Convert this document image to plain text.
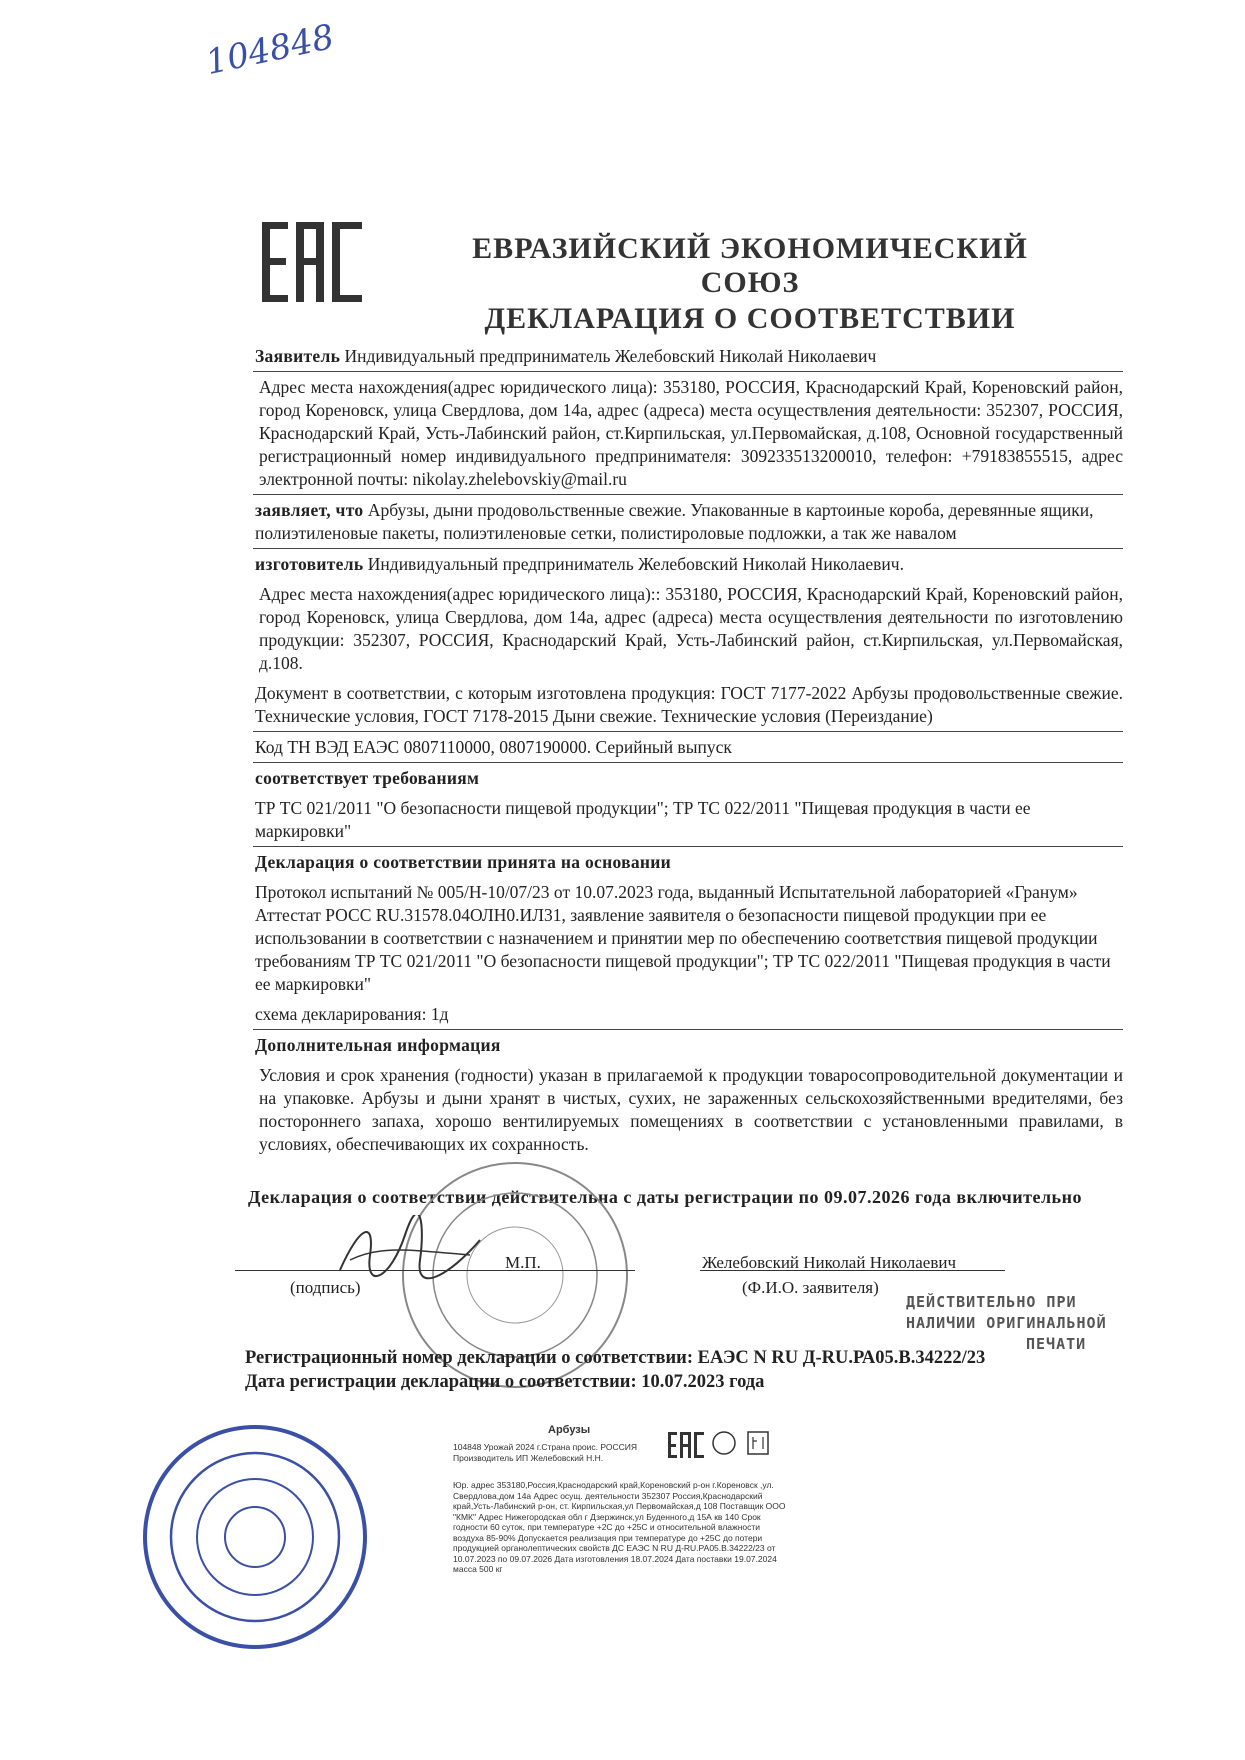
104848
ЕВРАЗИЙСКИЙ ЭКОНОМИЧЕСКИЙ СОЮЗ
ДЕКЛАРАЦИЯ О СООТВЕТСТВИИ
Заявитель Индивидуальный предприниматель Желебовский Николай Николаевич
Адрес места нахождения(адрес юридического лица): 353180, РОССИЯ, Краснодарский Край, Кореновский район, город Кореновск, улица Свердлова, дом 14а, адрес (адреса) места осуществления деятельности: 352307, РОССИЯ, Краснодарский Край, Усть-Лабинский район, ст.Кирпильская, ул.Первомайская, д.108, Основной государственный регистрационный номер индивидуального предпринимателя: 309233513200010, телефон: +79183855515, адрес электронной почты: nikolay.zhelebovskiy@mail.ru
заявляет, что Арбузы, дыни продовольственные свежие. Упакованные в картоиные короба, деревянные ящики, полиэтиленовые пакеты, полиэтиленовые сетки, полистироловые подложки, а так же навалом
изготовитель Индивидуальный предприниматель Желебовский Николай Николаевич.
Адрес места нахождения(адрес юридического лица):: 353180, РОССИЯ, Краснодарский Край, Кореновский район, город Кореновск, улица Свердлова, дом 14а, адрес (адреса) места осуществления деятельности по изготовлению продукции: 352307, РОССИЯ, Краснодарский Край, Усть-Лабинский район, ст.Кирпильская, ул.Первомайская, д.108.
Документ в соответствии, с которым изготовлена продукция: ГОСТ 7177-2022 Арбузы продовольственные свежие. Технические условия, ГОСТ 7178-2015 Дыни свежие. Технические условия (Переиздание)
Код ТН ВЭД ЕАЭС 0807110000, 0807190000. Серийный выпуск
соответствует требованиям
ТР ТС 021/2011 "О безопасности пищевой продукции"; ТР ТС 022/2011 "Пищевая продукция в части ее маркировки"
Декларация о соответствии принята на основании
Протокол испытаний № 005/Н-10/07/23 от 10.07.2023 года, выданный Испытательной лабораторией «Гранум» Аттестат РОСС RU.31578.04ОЛН0.ИЛ31, заявление заявителя о безопасности пищевой продукции при ее использовании в соответствии с назначением и принятии мер по обеспечению соответствия пищевой продукции требованиям ТР ТС 021/2011 "О безопасности пищевой продукции"; ТР ТС 022/2011 "Пищевая продукция в части ее маркировки"
схема декларирования: 1д
Дополнительная информация
Условия и срок хранения (годности) указан в прилагаемой к продукции товаросопроводительной документации и на упаковке. Арбузы и дыни хранят в чистых, сухих, не зараженных сельскохозяйственными вредителями, без постороннего запаха, хорошо вентилируемых помещениях в соответствии с установленными правилами, в условиях, обеспечивающих их сохранность.
Декларация о соответствии действительна с даты регистрации по 09.07.2026 года включительно
М.П.
(подпись)
Желебовский Николай Николаевич
(Ф.И.О. заявителя)
ДЕЙСТВИТЕЛЬНО ПРИ
НАЛИЧИИ ОРИГИНАЛЬНОЙ
ПЕЧАТИ
Регистрационный номер декларации о соответствии: ЕАЭС N RU Д-RU.РА05.В.34222/23
Дата регистрации декларации о соответствии: 10.07.2023 года
Арбузы
104848 Урожай 2024 г.Страна проис. РОССИЯ Производитель ИП Желебовский Н.Н.
Юр. адрес 353180,Россия,Краснодарский край,Кореновский р-он г.Кореновск ,ул. Свердлова,дом 14а Адрес осущ. деятельности 352307 Россия,Краснодарский край,Усть-Лабинский р-он, ст. Кирпильская,ул Первомайская,д 108 Поставщик ООО "КМК" Адрес Нижегородская обл г Дзержинск,ул Буденного,д 15А кв 140 Срок годности 60 суток, при температуре +2С до +25С и относительной влажности воздуха 85-90% Допускается реализация при температуре до +25С до потери продукцией органолептических свойств ДС ЕАЭС N RU Д-RU.РА05.В.34222/23 от 10.07.2023 по 09.07.2026 Дата изготовления 18.07.2024 Дата поставки 19.07.2024 масса 500 кг
